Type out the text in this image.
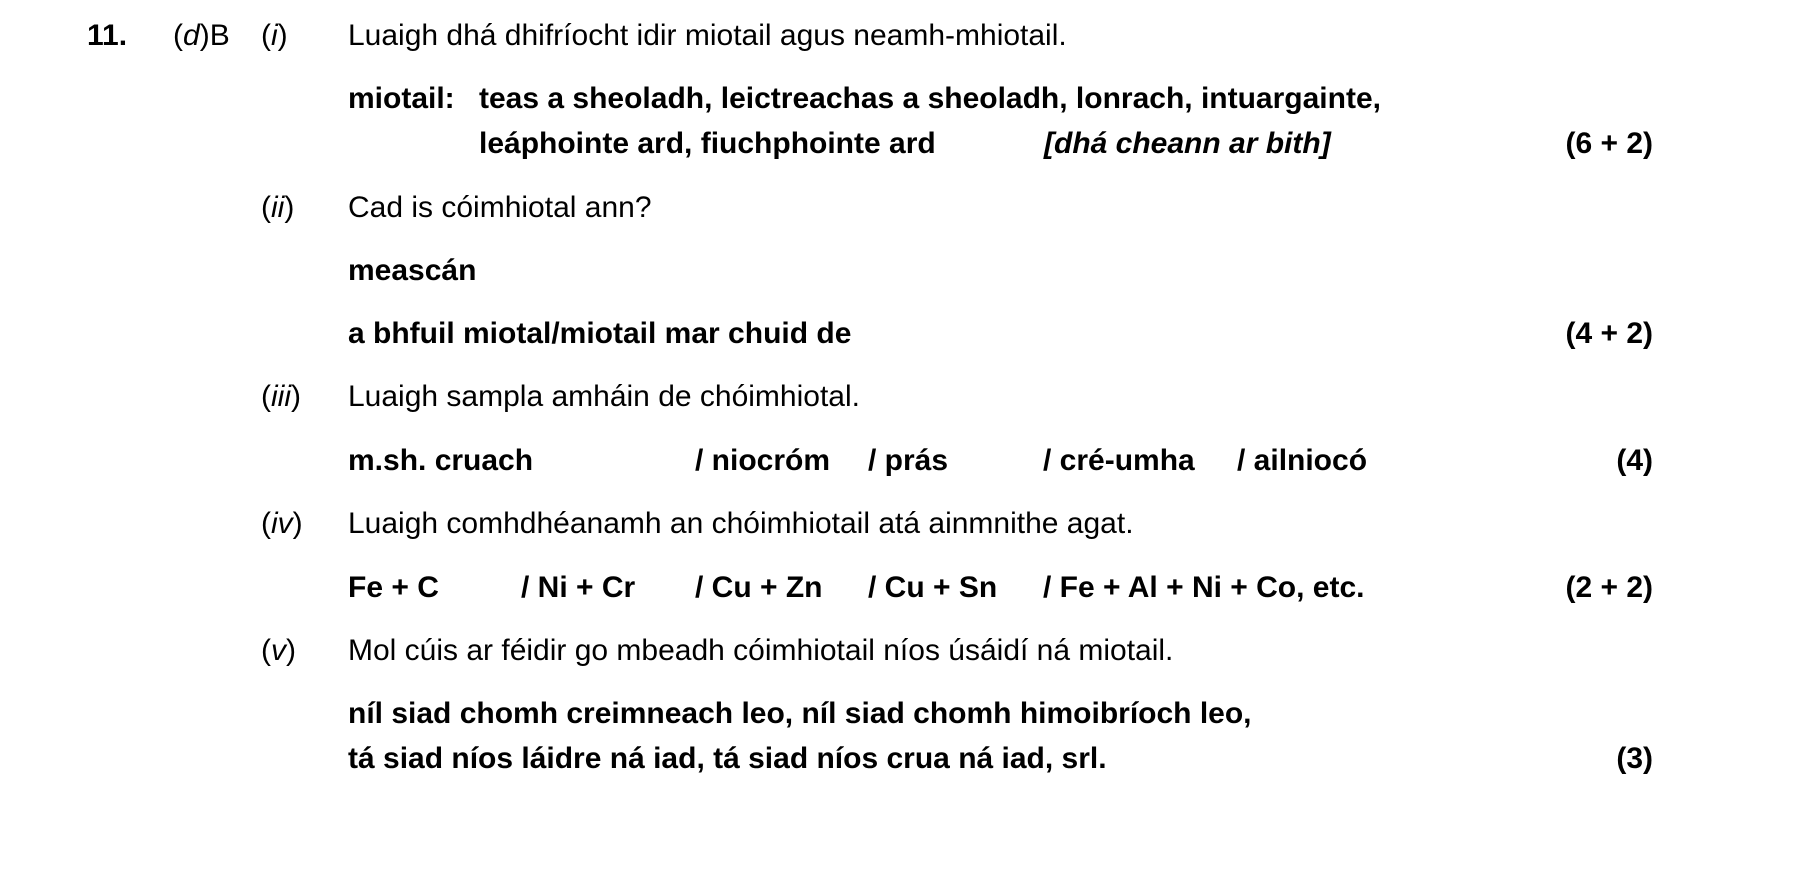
11. (d)B (i) Luaigh dhá dhifríocht idir miotail agus neamh-mhiotail.
miotail: teas a sheoladh, leictreachas a sheoladh, lonrach, intuargainte,
leáphointe ard, fiuchphointe ard	[dhá cheann ar bith]	(6 + 2)
(ii) Cad is cóimhiotal ann?
meascán
a bhfuil miotal/miotail mar chuid de	(4 + 2)
(iii) Luaigh sampla amháin de chóimhiotal.
m.sh. cruach	/ niocróm / prás	/ cré-umha / ailniocó	(4)
(iv) Luaigh comhdhéanamh an chóimhiotail atá ainmnithe agat.
Fe + C	/ Ni + Cr / Cu + Zn / Cu + Sn / Fe + Al + Ni + Co, etc.	(2 + 2)
(v) Mol cúis ar féidir go mbeadh cóimhiotail níos úsáidí ná miotail.
níl siad chomh creimneach leo, níl siad chomh himoibríoch leo,
tá siad níos láidre ná iad, tá siad níos crua ná iad, srl.	(3)
